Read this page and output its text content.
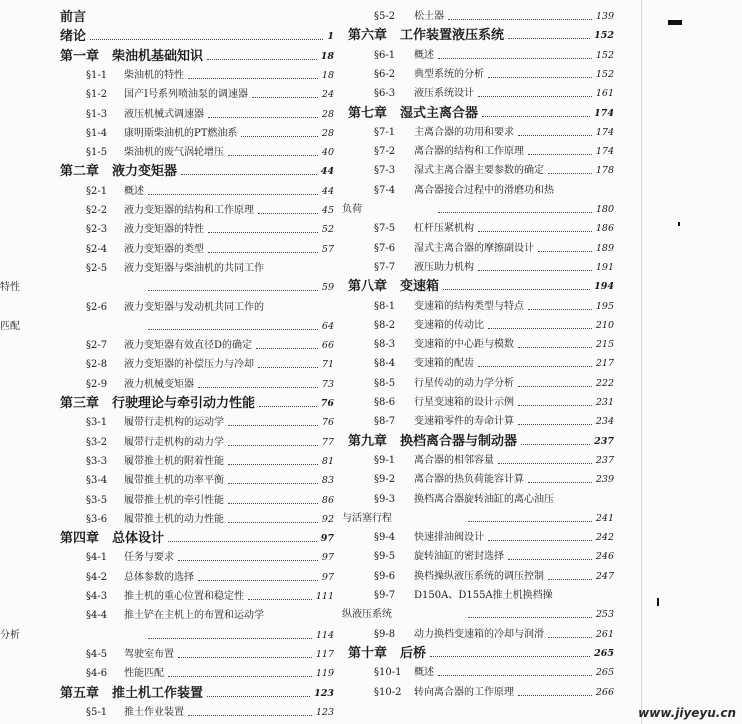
前言
绪论	1
第一章　柴油机基础知识	18
§1-1	柴油机的特性	18
§1-2	国产Ⅰ号系列喷油泵的调速器	24
§1-3	液压机械式调速器	28
§1-4	康明斯柴油机的PT燃油系	28
§1-5	柴油机的废气涡轮增压	40
第二章　液力变矩器	44
§2-1	概述	44
§2-2	液力变矩器的结构和工作原理	45
§2-3	液力变矩器的特性	52
§2-4	液力变矩器的类型	57
§2-5	液力变矩器与柴油机的共同工作
特性	59
§2-6	液力变矩器与发动机共同工作的
匹配	64
§2-7	液力变矩器有效直径D的确定	66
§2-8	液力变矩器的补偿压力与冷却	71
§2-9	液力机械变矩器	73
第三章　行驶理论与牵引动力性能	76
§3-1	履带行走机构的运动学	76
§3-2	履带行走机构的动力学	77
§3-3	履带推土机的附着性能	81
§3-4	履带推土机的功率平衡	83
§3-5	履带推土机的牵引性能	86
§3-6	履带推土机的动力性能	92
第四章　总体设计	97
§4-1	任务与要求	97
§4-2	总体参数的选择	97
§4-3	推土机的重心位置和稳定性	111
§4-4	推土铲在主机上的布置和运动学
分析	114
§4-5	驾驶室布置	117
§4-6	性能匹配	119
第五章　推土机工作装置	123
§5-1	推土作业装置	123
§5-2	松土器	139
第六章　工作装置液压系统	152
§6-1	概述	152
§6-2	典型系统的分析	152
§6-3	液压系统设计	161
第七章　湿式主离合器	174
§7-1	主离合器的功用和要求	174
§7-2	离合器的结构和工作原理	174
§7-3	湿式主离合器主要参数的确定	178
§7-4	离合器接合过程中的滑磨功和热
负荷	180
§7-5	杠杆压紧机构	186
§7-6	湿式主离合器的摩擦副设计	189
§7-7	液压助力机构	191
第八章　变速箱	194
§8-1	变速箱的结构类型与特点	195
§8-2	变速箱的传动比	210
§8-3	变速箱的中心距与模数	215
§8-4	变速箱的配齿	217
§8-5	行星传动的动力学分析	222
§8-6	行星变速箱的设计示例	231
§8-7	变速箱零件的寿命计算	234
第九章　换档离合器与制动器	237
§9-1	离合器的相邻容量	237
§9-2	离合器的热负荷能容计算	239
§9-3	换档离合器旋转油缸的离心油压
与活塞行程	241
§9-4	快速排油阀设计	242
§9-5	旋转油缸的密封选择	246
§9-6	换档操纵液压系统的调压控制	247
§9-7	D150A、D155A推土机换档操
纵液压系统	253
§9-8	动力换档变速箱的冷却与润滑	261
第十章　后桥	265
§10-1	概述	265
§10-2	转向离合器的工作原理	266
www.jiyeyu.cn
